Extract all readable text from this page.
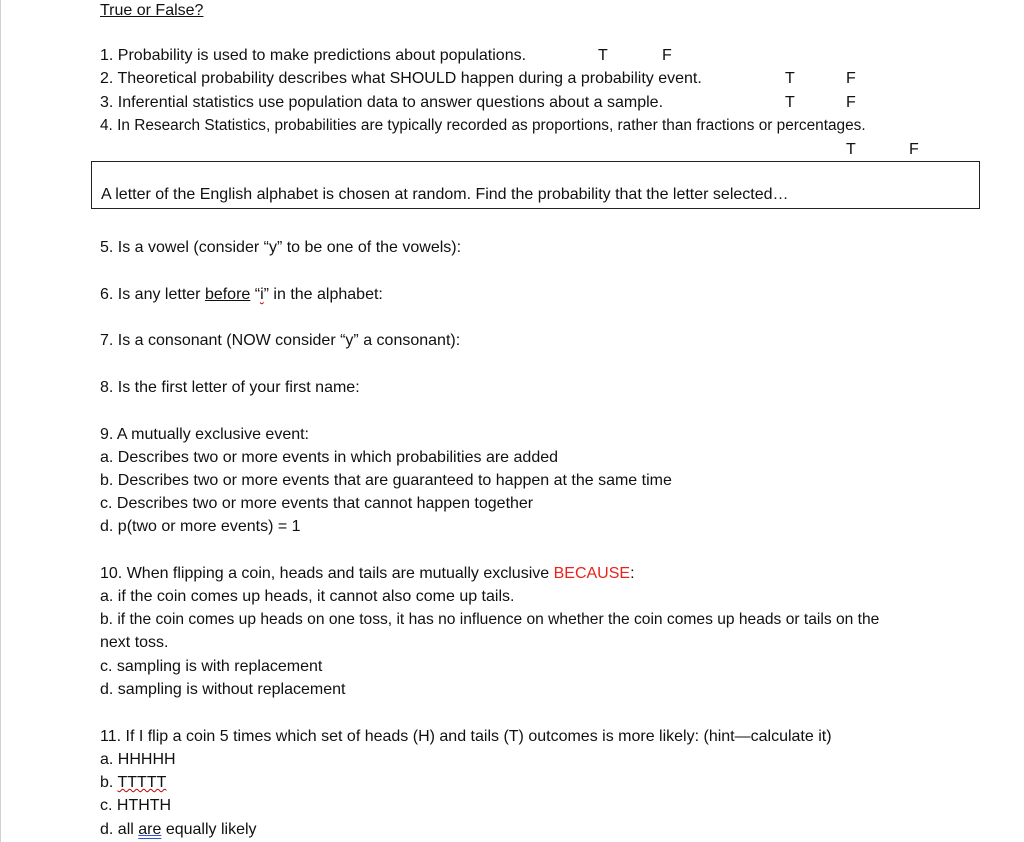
True or False?
1. Probability is used to make predictions about populations.	T	F
2. Theoretical probability describes what SHOULD happen during a probability event.	T	F
3. Inferential statistics use population data to answer questions about a sample.	T	F
4. In Research Statistics, probabilities are typically recorded as proportions, rather than fractions or percentages.
T	F
A letter of the English alphabet is chosen at random. Find the probability that the letter selected…
5. Is a vowel (consider “y” to be one of the vowels):
6. Is any letter before “i” in the alphabet:
7. Is a consonant (NOW consider “y” a consonant):
8. Is the first letter of your first name:
9. A mutually exclusive event:
a. Describes two or more events in which probabilities are added
b. Describes two or more events that are guaranteed to happen at the same time
c. Describes two or more events that cannot happen together
d. p(two or more events) = 1
10. When flipping a coin, heads and tails are mutually exclusive BECAUSE:
a. if the coin comes up heads, it cannot also come up tails.
b. if the coin comes up heads on one toss, it has no influence on whether the coin comes up heads or tails on the
next toss.
c. sampling is with replacement
d. sampling is without replacement
11. If I flip a coin 5 times which set of heads (H) and tails (T) outcomes is more likely: (hint—calculate it)
a. HHHHH
b. TTTTT
c. HTHTH
d. all are equally likely
